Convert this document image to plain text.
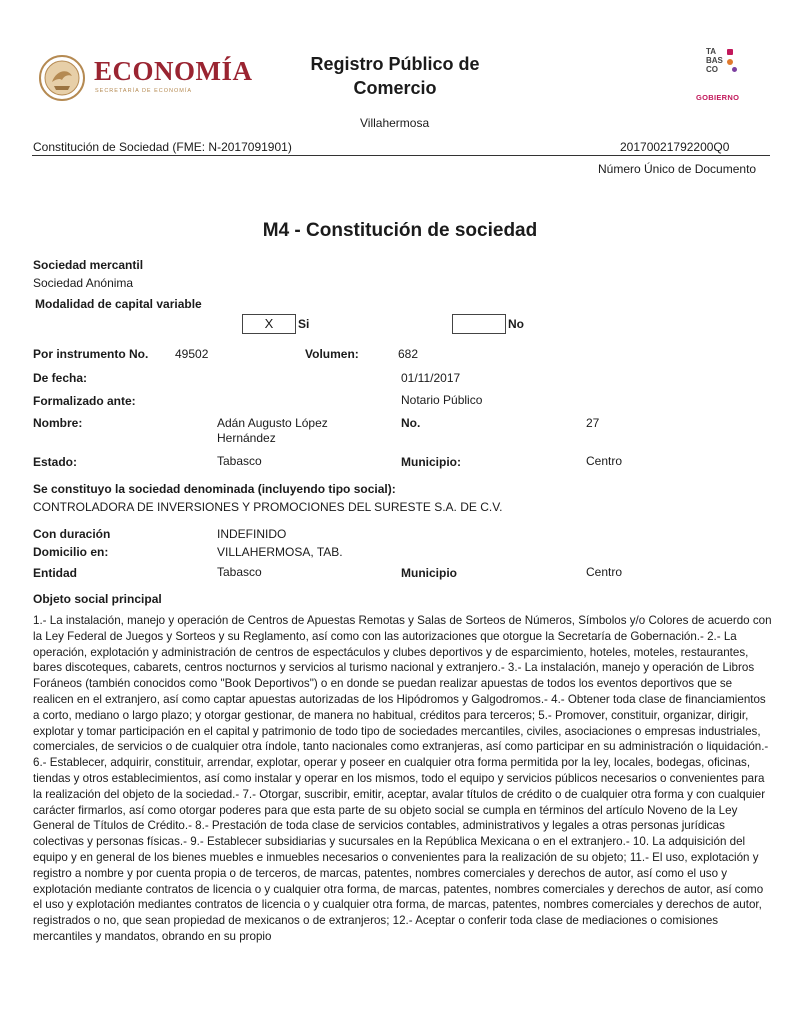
ECONOMÍA
SECRETARÍA DE ECONOMÍA
Registro Público de
Comercio
TA
BAS
CO
GOBIERNO
Villahermosa
Constitución de Sociedad (FME: N-2017091901)	20170021792200Q0
Número Único de Documento
M4 - Constitución de sociedad
Sociedad mercantil
Sociedad Anónima
Modalidad de capital variable
X	Si	No
Por instrumento No. 49502	Volumen:	682
De fecha:	01/11/2017
Formalizado ante:	Notario Público
Nombre:	Adán Augusto López
Hernández
No.	27
Estado:	Tabasco	Municipio:	Centro
Se constituyo la sociedad denominada (incluyendo tipo social):
CONTROLADORA DE INVERSIONES Y PROMOCIONES DEL SURESTE S.A. DE C.V.
Con duración	INDEFINIDO
Domicilio en:	VILLAHERMOSA, TAB.
Entidad	Tabasco	Municipio	Centro
Objeto social principal
1.- La instalación, manejo y operación de Centros de Apuestas Remotas y Salas de Sorteos de Números, Símbolos y/o Colores de acuerdo con la Ley Federal de Juegos y Sorteos y su Reglamento, así como con las autorizaciones que otorgue la Secretaría de Gobernación.- 2.- La operación, explotación y administración de centros de espectáculos y clubes deportivos y de esparcimiento, hoteles, moteles, restaurantes, bares discoteques, cabarets, centros nocturnos y servicios al turismo nacional y extranjero.- 3.- La instalación, manejo y operación de Libros Foráneos (también conocidos como "Book Deportivos") o en donde se puedan realizar apuestas de todos los eventos deportivos que se realicen en el extranjero, así como captar apuestas autorizadas de los Hipódromos y Galgodromos.- 4.- Obtener toda clase de financiamientos a corto, mediano o largo plazo; y otorgar gestionar, de manera no habitual, créditos para terceros; 5.- Promover, constituir, organizar, dirigir, explotar y tomar participación en el capital y patrimonio de todo tipo de sociedades mercantiles, civiles, asociaciones o empresas industriales, comerciales, de servicios o de cualquier otra índole, tanto nacionales como extranjeras, así como participar en su administración o liquidación.- 6.- Establecer, adquirir, constituir, arrendar, explotar, operar y poseer en cualquier otra forma permitida por la ley, locales, bodegas, oficinas, tiendas y otros establecimientos, así como instalar y operar en los mismos, todo el equipo y servicios públicos necesarios o convenientes para la realización del objeto de la sociedad.- 7.- Otorgar, suscribir, emitir, aceptar, avalar títulos de crédito o de cualquier otra forma y con cualquier carácter firmarlos, así como otorgar poderes para que esta parte de su objeto social se cumpla en términos del artículo Noveno de la Ley General de Títulos de Crédito.- 8.- Prestación de toda clase de servicios contables, administrativos y legales a otras personas jurídicas colectivas y personas físicas.- 9.- Establecer subsidiarias y sucursales en la República Mexicana o en el extranjero.- 10. La adquisición del equipo y en general de los bienes muebles e inmuebles necesarios o convenientes para la realización de su objeto; 11.- El uso, explotación y registro a nombre y por cuenta propia o de terceros, de marcas, patentes, nombres comerciales y derechos de autor, así como el uso y explotación mediante contratos de licencia o y cualquier otra forma, de marcas, patentes, nombres comerciales y derechos de autor, así como el uso y explotación mediantes contratos de licencia o y cualquier otra forma, de marcas, patentes, nombres comerciales y derechos de autor, registrados o no, que sean propiedad de mexicanos o de extranjeros; 12.- Aceptar o conferir toda clase de mediaciones o comisiones mercantiles y mandatos, obrando en su propio
